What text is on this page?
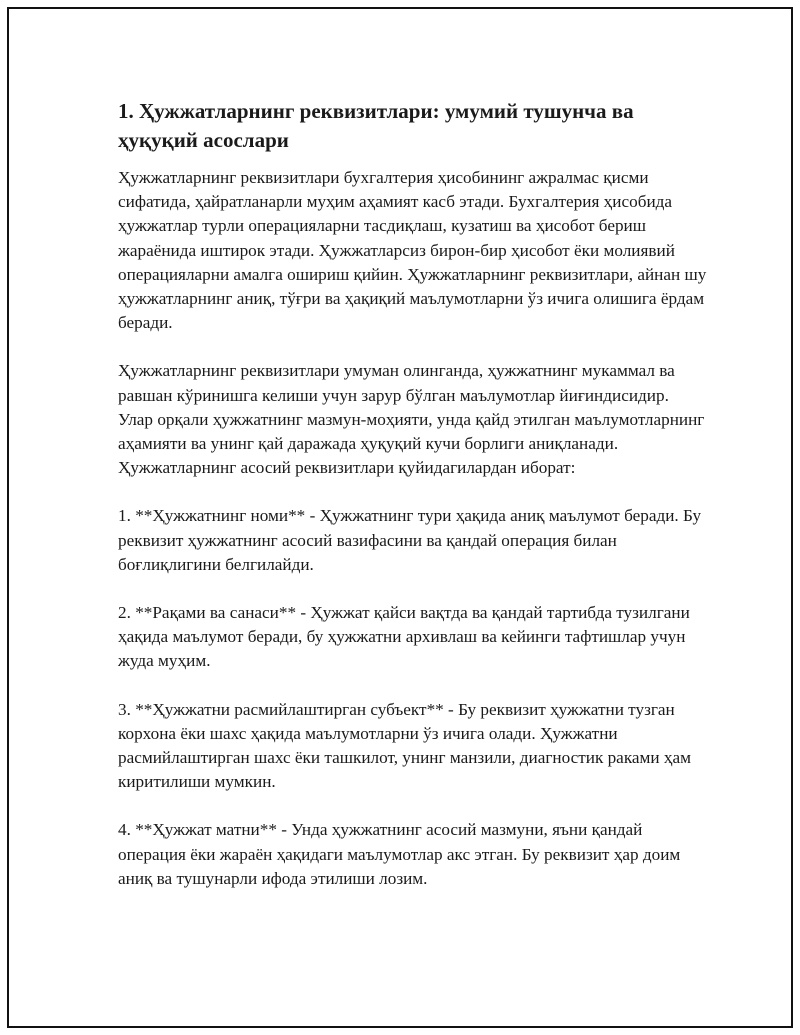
1. Ҳужжатларнинг реквизитлари: умумий тушунча ва ҳуқуқий асослари

Ҳужжатларнинг реквизитлари бухгалтерия ҳисобининг ажралмас қисми сифатида, ҳайратланарли муҳим аҳамият касб этади. Бухгалтерия ҳисобида ҳужжатлар турли операцияларни тасдиқлаш, кузатиш ва ҳисобот бериш жараёнида иштирок этади. Ҳужжатларсиз бирон-бир ҳисобот ёки молиявий операцияларни амалга ошириш қийин. Ҳужжатларнинг реквизитлари, айнан шу ҳужжатларнинг аниқ, тўғри ва ҳақиқий маълумотларни ўз ичига олишига ёрдам беради.

Ҳужжатларнинг реквизитлари умуман олинганда, ҳужжатнинг мукаммал ва равшан кўринишга келиши учун зарур бўлган маълумотлар йиғиндисидир. Улар орқали ҳужжатнинг мазмун-моҳияти, унда қайд этилган маълумотларнинг аҳамияти ва унинг қай даражада ҳуқуқий кучи борлиги аниқланади. Ҳужжатларнинг асосий реквизитлари қуйидагилардан иборат:

1. **Ҳужжатнинг номи** - Ҳужжатнинг тури ҳақида аниқ маълумот беради. Бу реквизит ҳужжатнинг асосий вазифасини ва қандай операция билан боғлиқлигини белгилайди.

2. **Рақами ва санаси** - Ҳужжат қайси вақтда ва қандай тартибда тузилгани ҳақида маълумот беради, бу ҳужжатни архивлаш ва кейинги тафтишлар учун жуда муҳим.

3. **Ҳужжатни расмийлаштирган субъект** - Бу реквизит ҳужжатни тузган корхона ёки шахс ҳақида маълумотларни ўз ичига олади. Ҳужжатни расмийлаштирган шахс ёки ташкилот, унинг манзили, диагностик раками ҳам киритилиши мумкин.

4. **Ҳужжат матни** - Унда ҳужжатнинг асосий мазмуни, яъни қандай операция ёки жараён ҳақидаги маълумотлар акс этган. Бу реквизит ҳар доим аниқ ва тушунарли ифода этилиши лозим.
